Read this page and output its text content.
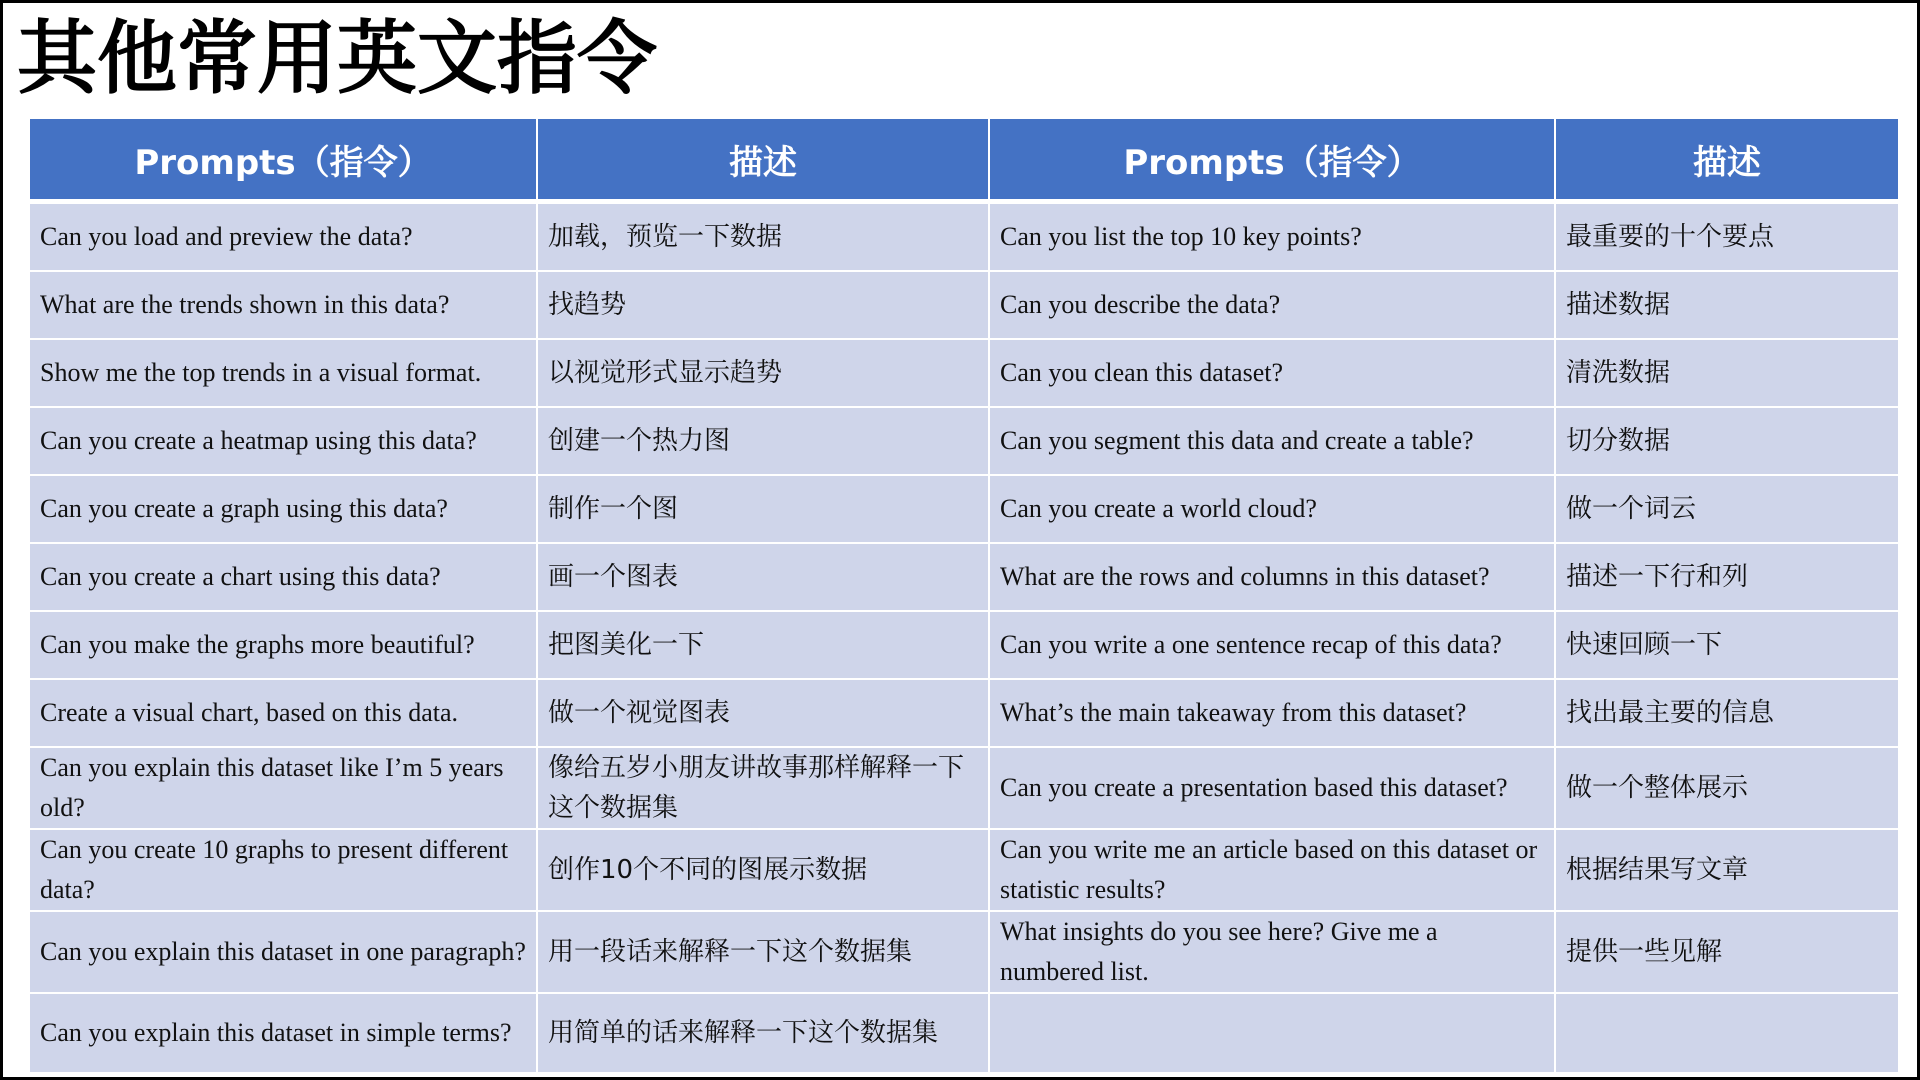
其他常用英文指令
Prompts（指令）	描述	Prompts（指令）	描述
Can you load and preview the data?	加载，预览一下数据	Can you list the top 10 key points?	最重要的十个要点
What are the trends shown in this data?	找趋势	Can you describe the data?	描述数据
Show me the top trends in a visual format.	以视觉形式显示趋势	Can you clean this dataset?	清洗数据
Can you create a heatmap using this data?	创建一个热力图	Can you segment this data and create a table?	切分数据
Can you create a graph using this data?	制作一个图	Can you create a world cloud?	做一个词云
Can you create a chart using this data?	画一个图表	What are the rows and columns in this dataset?	描述一下行和列
Can you make the graphs more beautiful?	把图美化一下	Can you write a one sentence recap of this data?	快速回顾一下
Create a visual chart, based on this data.	做一个视觉图表	What’s the main takeaway from this dataset?	找出最主要的信息
Can you explain this dataset like I’m 5 years old?	像给五岁小朋友讲故事那样解释一下这个数据集	Can you create a presentation based this dataset?	做一个整体展示
Can you create 10 graphs to present different data?	创作10个不同的图展示数据	Can you write me an article based on this dataset or statistic results?	根据结果写文章
Can you explain this dataset in one paragraph?	用一段话来解释一下这个数据集	What insights do you see here? Give me a numbered list.	提供一些见解
Can you explain this dataset in simple terms?	用简单的话来解释一下这个数据集		
